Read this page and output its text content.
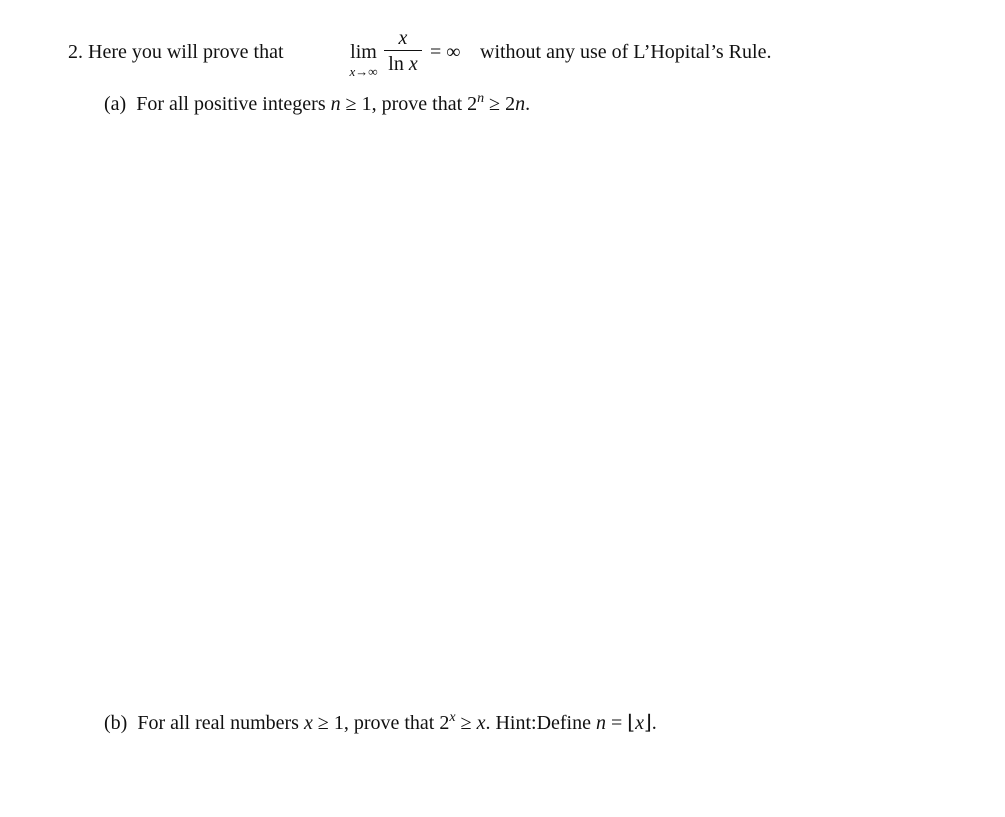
2. Here you will prove that	lim
x→∞
x
ln x
= ∞ without any use of L’Hopital’s Rule.
(a) For all positive integers n ≥ 1, prove that $2^n \ge 2n$.
(b) For all real numbers x ≥ 1, prove that $2^x \ge x$. Hint:Define n = ⌊x⌋.
